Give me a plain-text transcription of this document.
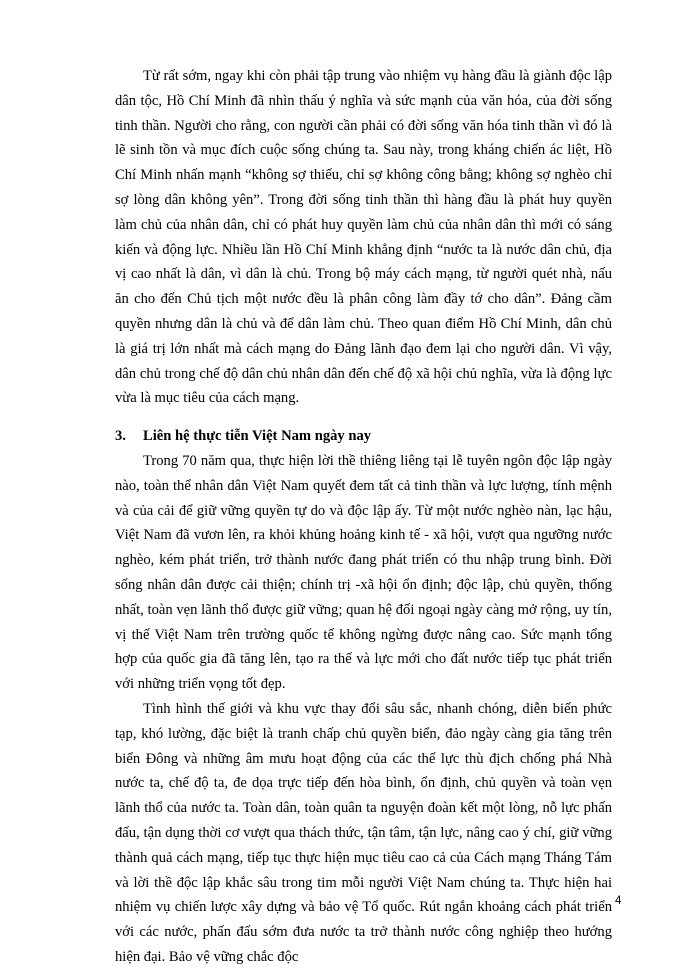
Từ rất sớm, ngay khi còn phải tập trung vào nhiệm vụ hàng đầu là giành độc lập dân tộc, Hồ Chí Minh đã nhìn thấu ý nghĩa và sức mạnh của văn hóa, của đời sống tinh thần. Người cho rằng, con người cần phải có đời sống văn hóa tinh thần vì đó là lẽ sinh tồn và mục đích cuộc sống chúng ta. Sau này, trong kháng chiến ác liệt, Hồ Chí Minh nhấn mạnh “không sợ thiếu, chỉ sợ không công bằng; không sợ nghèo chỉ sợ lòng dân không yên”. Trong đời sống tinh thần thì hàng đầu là phát huy quyền làm chủ của nhân dân, chỉ có phát huy quyền làm chủ của nhân dân thì mới có sáng kiến và động lực. Nhiều lần Hồ Chí Minh khẳng định “nước ta là nước dân chủ, địa vị cao nhất là dân, vì dân là chủ. Trong bộ máy cách mạng, từ người quét nhà, nấu ăn cho đến Chủ tịch một nước đều là phân công làm đầy tớ cho dân”. Đảng cầm quyền nhưng dân là chủ và để dân làm chủ. Theo quan điểm Hồ Chí Minh, dân chủ là giá trị lớn nhất mà cách mạng do Đảng lãnh đạo đem lại cho người dân. Vì vậy, dân chủ trong chế độ dân chủ nhân dân đến chế độ xã hội chủ nghĩa, vừa là động lực vừa là mục tiêu của cách mạng.

3.	Liên hệ thực tiễn Việt Nam ngày nay

Trong 70 năm qua, thực hiện lời thề thiêng liêng tại lễ tuyên ngôn độc lập ngày nào, toàn thể nhân dân Việt Nam quyết đem tất cả tinh thần và lực lượng, tính mệnh và của cải để giữ vững quyền tự do và độc lập ấy. Từ một nước nghèo nàn, lạc hậu, Việt Nam đã vươn lên, ra khỏi khủng hoảng kinh tế - xã hội, vượt qua ngưỡng nước nghèo, kém phát triển, trở thành nước đang phát triển có thu nhập trung bình. Đời sống nhân dân được cải thiện; chính trị -xã hội ổn định; độc lập, chủ quyền, thống nhất, toàn vẹn lãnh thổ được giữ vững; quan hệ đối ngoại ngày càng mở rộng, uy tín, vị thế Việt Nam trên trường quốc tế không ngừng được nâng cao. Sức mạnh tổng hợp của quốc gia đã tăng lên, tạo ra thế và lực mới cho đất nước tiếp tục phát triển với những triển vọng tốt đẹp.

Tình hình thế giới và khu vực thay đổi sâu sắc, nhanh chóng, diễn biến phức tạp, khó lường, đặc biệt là tranh chấp chủ quyền biển, đảo ngày càng gia tăng trên biển Đông và những âm mưu hoạt động của các thế lực thù địch chống phá Nhà nước ta, chế độ ta, đe dọa trực tiếp đến hòa bình, ổn định, chủ quyền và toàn vẹn lãnh thổ của nước ta. Toàn dân, toàn quân ta nguyện đoàn kết một lòng, nỗ lực phấn đấu, tận dụng thời cơ vượt qua thách thức, tận tâm, tận lực, nâng cao ý chí, giữ vững thành quả cách mạng, tiếp tục thực hiện mục tiêu cao cả của Cách mạng Tháng Tám và lời thề độc lập khắc sâu trong tim mỗi người Việt Nam chúng ta. Thực hiện hai nhiệm vụ chiến lược xây dựng và bảo vệ Tổ quốc. Rút ngắn khoảng cách phát triển với các nước, phấn đấu sớm đưa nước ta trở thành nước công nghiệp theo hướng hiện đại. Bảo vệ vững chắc độc

4
